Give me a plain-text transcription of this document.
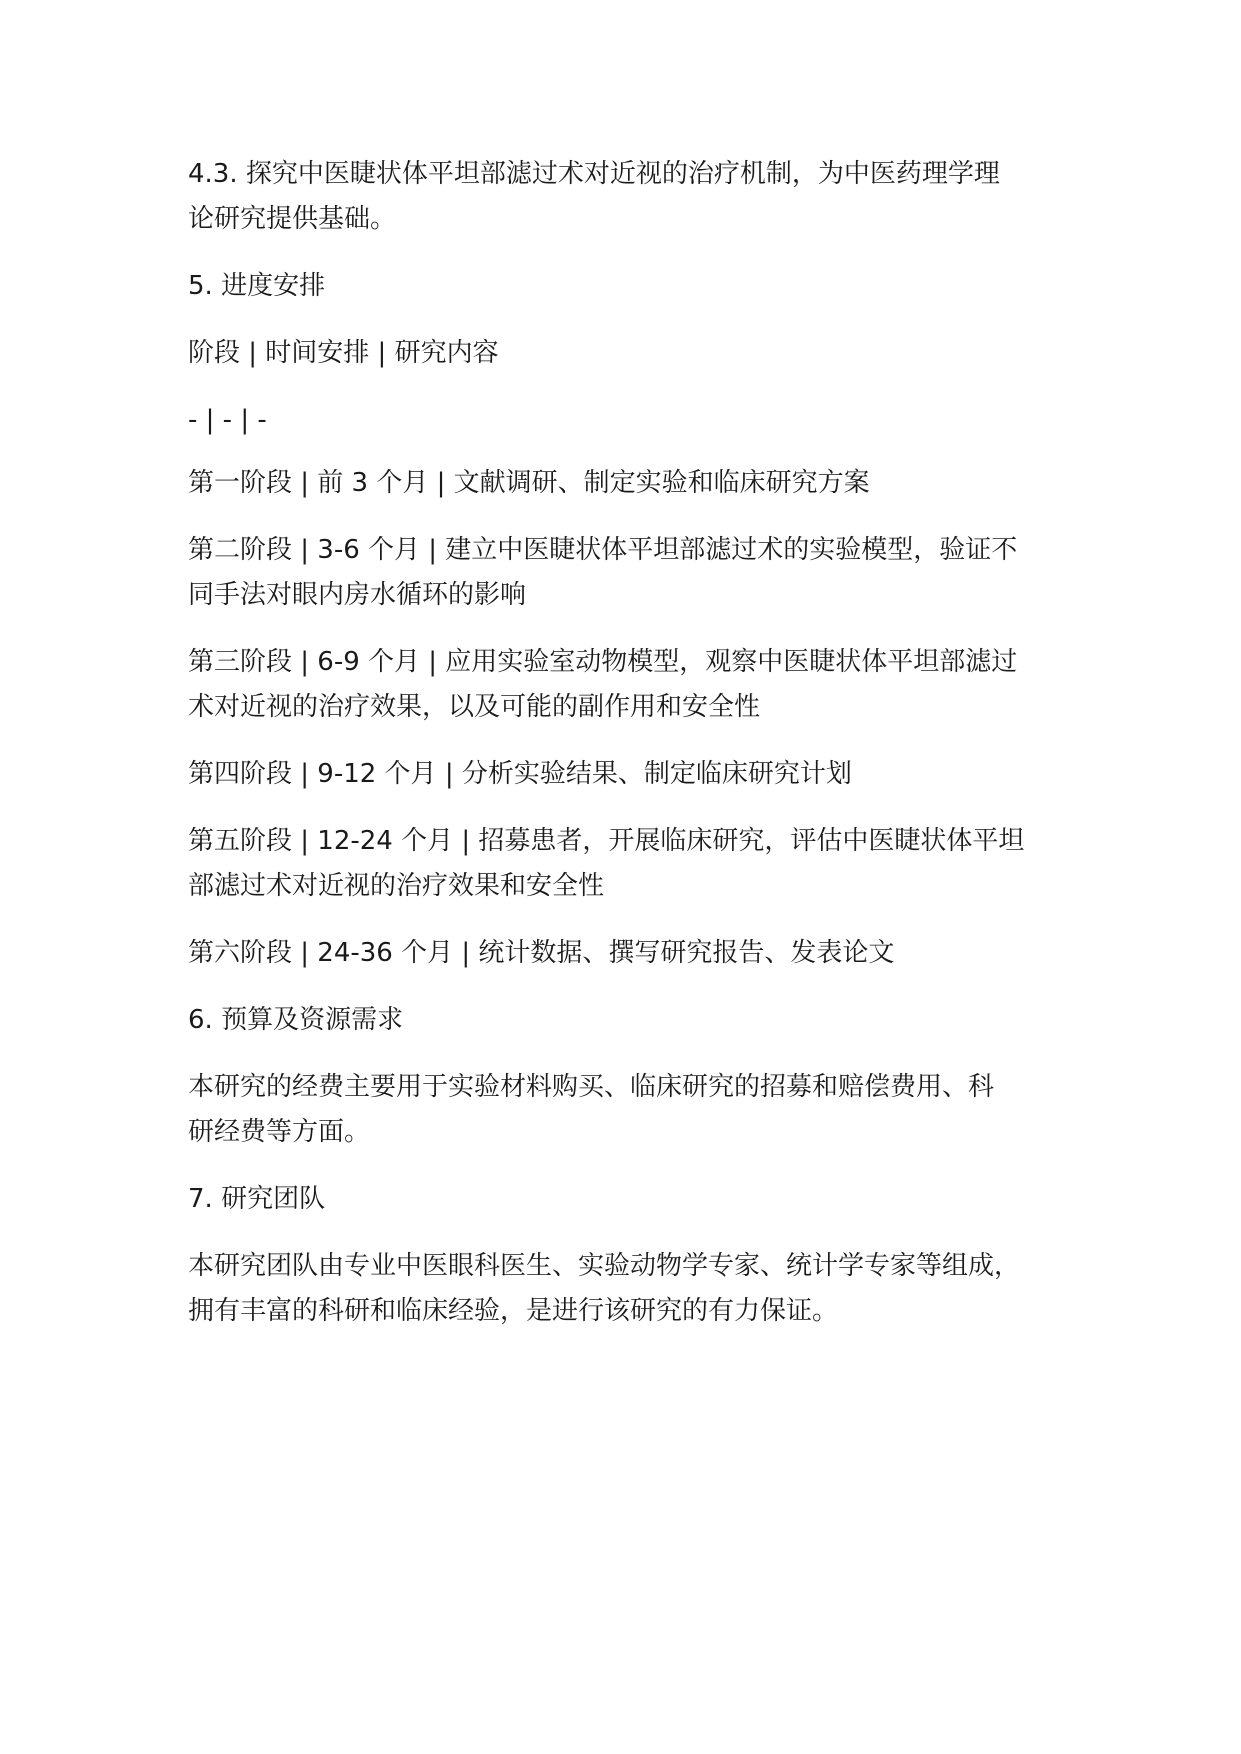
4.3. 探究中医睫状体平坦部滤过术对近视的治疗机制，为中医药理学理
论研究提供基础。

5. 进度安排

阶段 | 时间安排 | 研究内容

- | - | -

第一阶段 | 前 3 个月 | 文献调研、制定实验和临床研究方案

第二阶段 | 3-6 个月 | 建立中医睫状体平坦部滤过术的实验模型，验证不
同手法对眼内房水循环的影响

第三阶段 | 6-9 个月 | 应用实验室动物模型，观察中医睫状体平坦部滤过
术对近视的治疗效果，以及可能的副作用和安全性

第四阶段 | 9-12 个月 | 分析实验结果、制定临床研究计划

第五阶段 | 12-24 个月 | 招募患者，开展临床研究，评估中医睫状体平坦
部滤过术对近视的治疗效果和安全性

第六阶段 | 24-36 个月 | 统计数据、撰写研究报告、发表论文

6. 预算及资源需求

本研究的经费主要用于实验材料购买、临床研究的招募和赔偿费用、科
研经费等方面。

7. 研究团队

本研究团队由专业中医眼科医生、实验动物学专家、统计学专家等组成，
拥有丰富的科研和临床经验，是进行该研究的有力保证。
